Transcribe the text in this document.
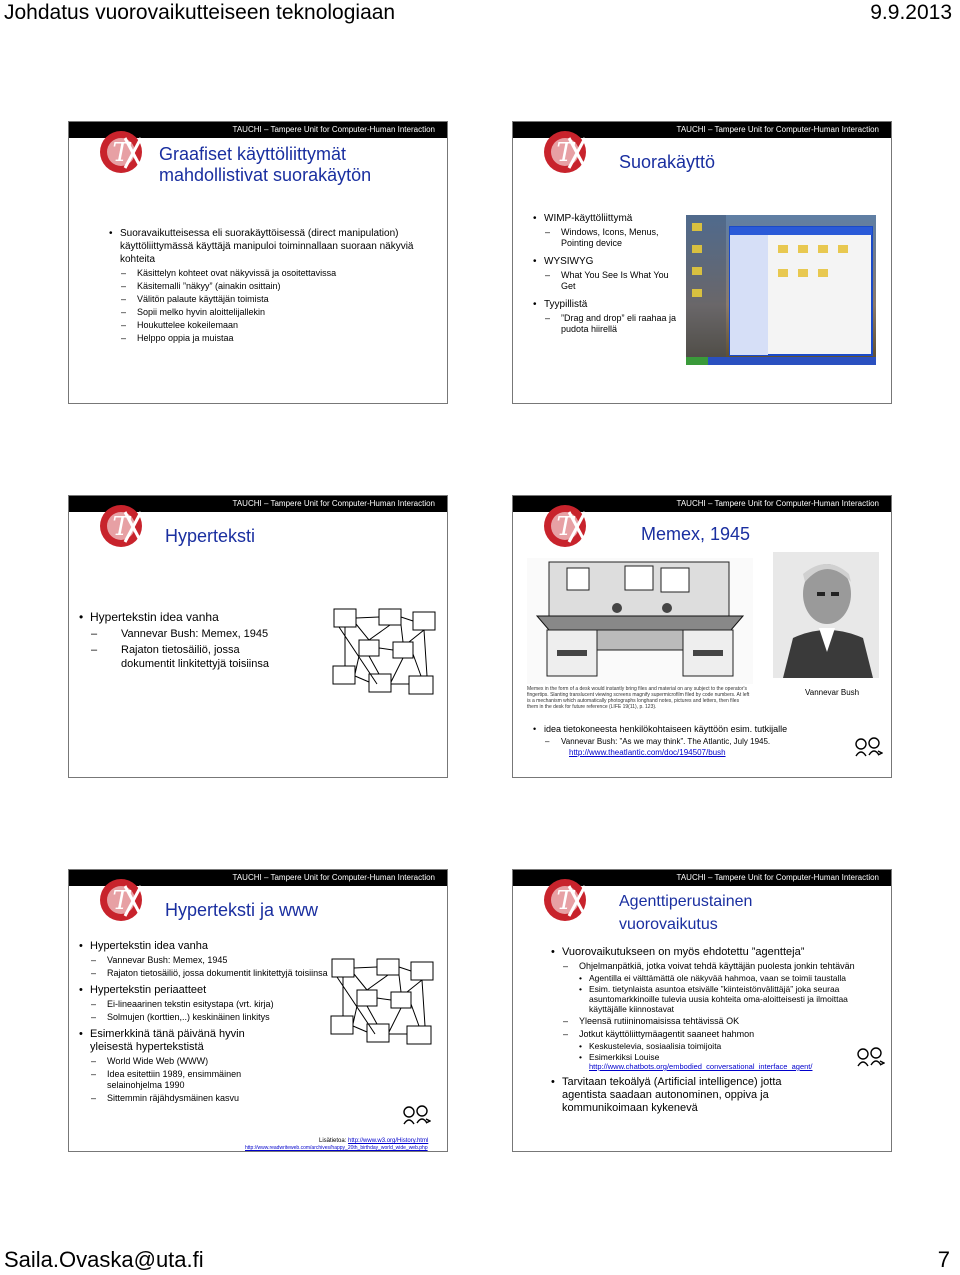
Johdatus vuorovaikutteiseen teknologiaan	9.9.2013
Saila.Ovaska@uta.fi	7
TAUCHI – Tampere Unit for Computer-Human Interaction
Graafiset käyttöliittymät
mahdollistivat suorakäytön
• Suoravaikutteisessa eli suorakäyttöisessä (direct manipulation) käyttöliittymässä käyttäjä manipuloi toiminnallaan suoraan näkyviä kohteita
– Käsittelyn kohteet ovat näkyvissä ja osoitettavissa
– Käsitemalli ”näkyy” (ainakin osittain)
– Välitön palaute käyttäjän toimista
– Sopii melko hyvin aloittelijallekin
– Houkuttelee kokeilemaan
– Helppo oppia ja muistaa
TAUCHI – Tampere Unit for Computer-Human Interaction
Suorakäyttö
• WIMP-käyttöliittymä
– Windows, Icons, Menus, Pointing device
• WYSIWYG
– What You See Is What You Get
• Tyypillistä
– ”Drag and drop” eli raahaa ja pudota hiirellä
TAUCHI – Tampere Unit for Computer-Human Interaction
Hyperteksti
• Hypertekstin idea vanha
– Vannevar Bush: Memex, 1945
– Rajaton tietosäiliö, jossa dokumentit linkitettyjä toisiinsa
TAUCHI – Tampere Unit for Computer-Human Interaction
Memex, 1945
Memex in the form of a desk would instantly bring files and material on any subject to the operator's fingertips. Slanting translucent viewing screens magnify supermicrofilm filed by code numbers. At left is a mechanism which automatically photographs longhand notes, pictures and letters, then files them in the desk for future reference (LIFE 19(11), p. 123).
Vannevar Bush
• idea tietokoneesta henkilökohtaiseen käyttöön esim. tutkijalle
– Vannevar Bush: ”As we may think”. The Atlantic, July 1945.
http://www.theatlantic.com/doc/194507/bush
TAUCHI – Tampere Unit for Computer-Human Interaction
Hyperteksti ja www
• Hypertekstin idea vanha
– Vannevar Bush: Memex, 1945
– Rajaton tietosäiliö, jossa dokumentit linkitettyjä toisiinsa
• Hypertekstin periaatteet
– Ei-lineaarinen tekstin esitystapa (vrt. kirja)
– Solmujen (korttien,..) keskinäinen linkitys
• Esimerkkinä tänä päivänä hyvin yleisestä hypertekstistä
– World Wide Web (WWW)
– Idea esitettiin 1989, ensimmäinen selainohjelma 1990
– Sittemmin räjähdysmäinen kasvu
Lisätietoa: http://www.w3.org/History.html
http://www.readwriteweb.com/archives/happy_20th_birthday_world_wide_web.php
TAUCHI – Tampere Unit for Computer-Human Interaction
Agenttiperustainen
vuorovaikutus
• Vuorovaikutukseen on myös ehdotettu ”agentteja”
– Ohjelmanpätkiä, jotka voivat tehdä käyttäjän puolesta jonkin tehtävän
• Agentilla ei välttämättä ole näkyvää hahmoa, vaan se toimii taustalla
• Esim. tietynlaista asuntoa etsivälle ”kiinteistönvälittäjä” joka seuraa asuntomarkkinoille tulevia uusia kohteita oma-aloitteisesti ja ilmoittaa käyttäjälle kiinnostavat
– Yleensä rutiininomaisissa tehtävissä OK
– Jotkut käyttöliittymäagentit saaneet hahmon
• Keskustelevia, sosiaalisia toimijoita
• Esimerkiksi Louise
http://www.chatbots.org/embodied_conversational_interface_agent/
• Tarvitaan tekoälyä (Artificial intelligence) jotta agentista saadaan autonominen, oppiva ja kommunikoimaan kykenevä
